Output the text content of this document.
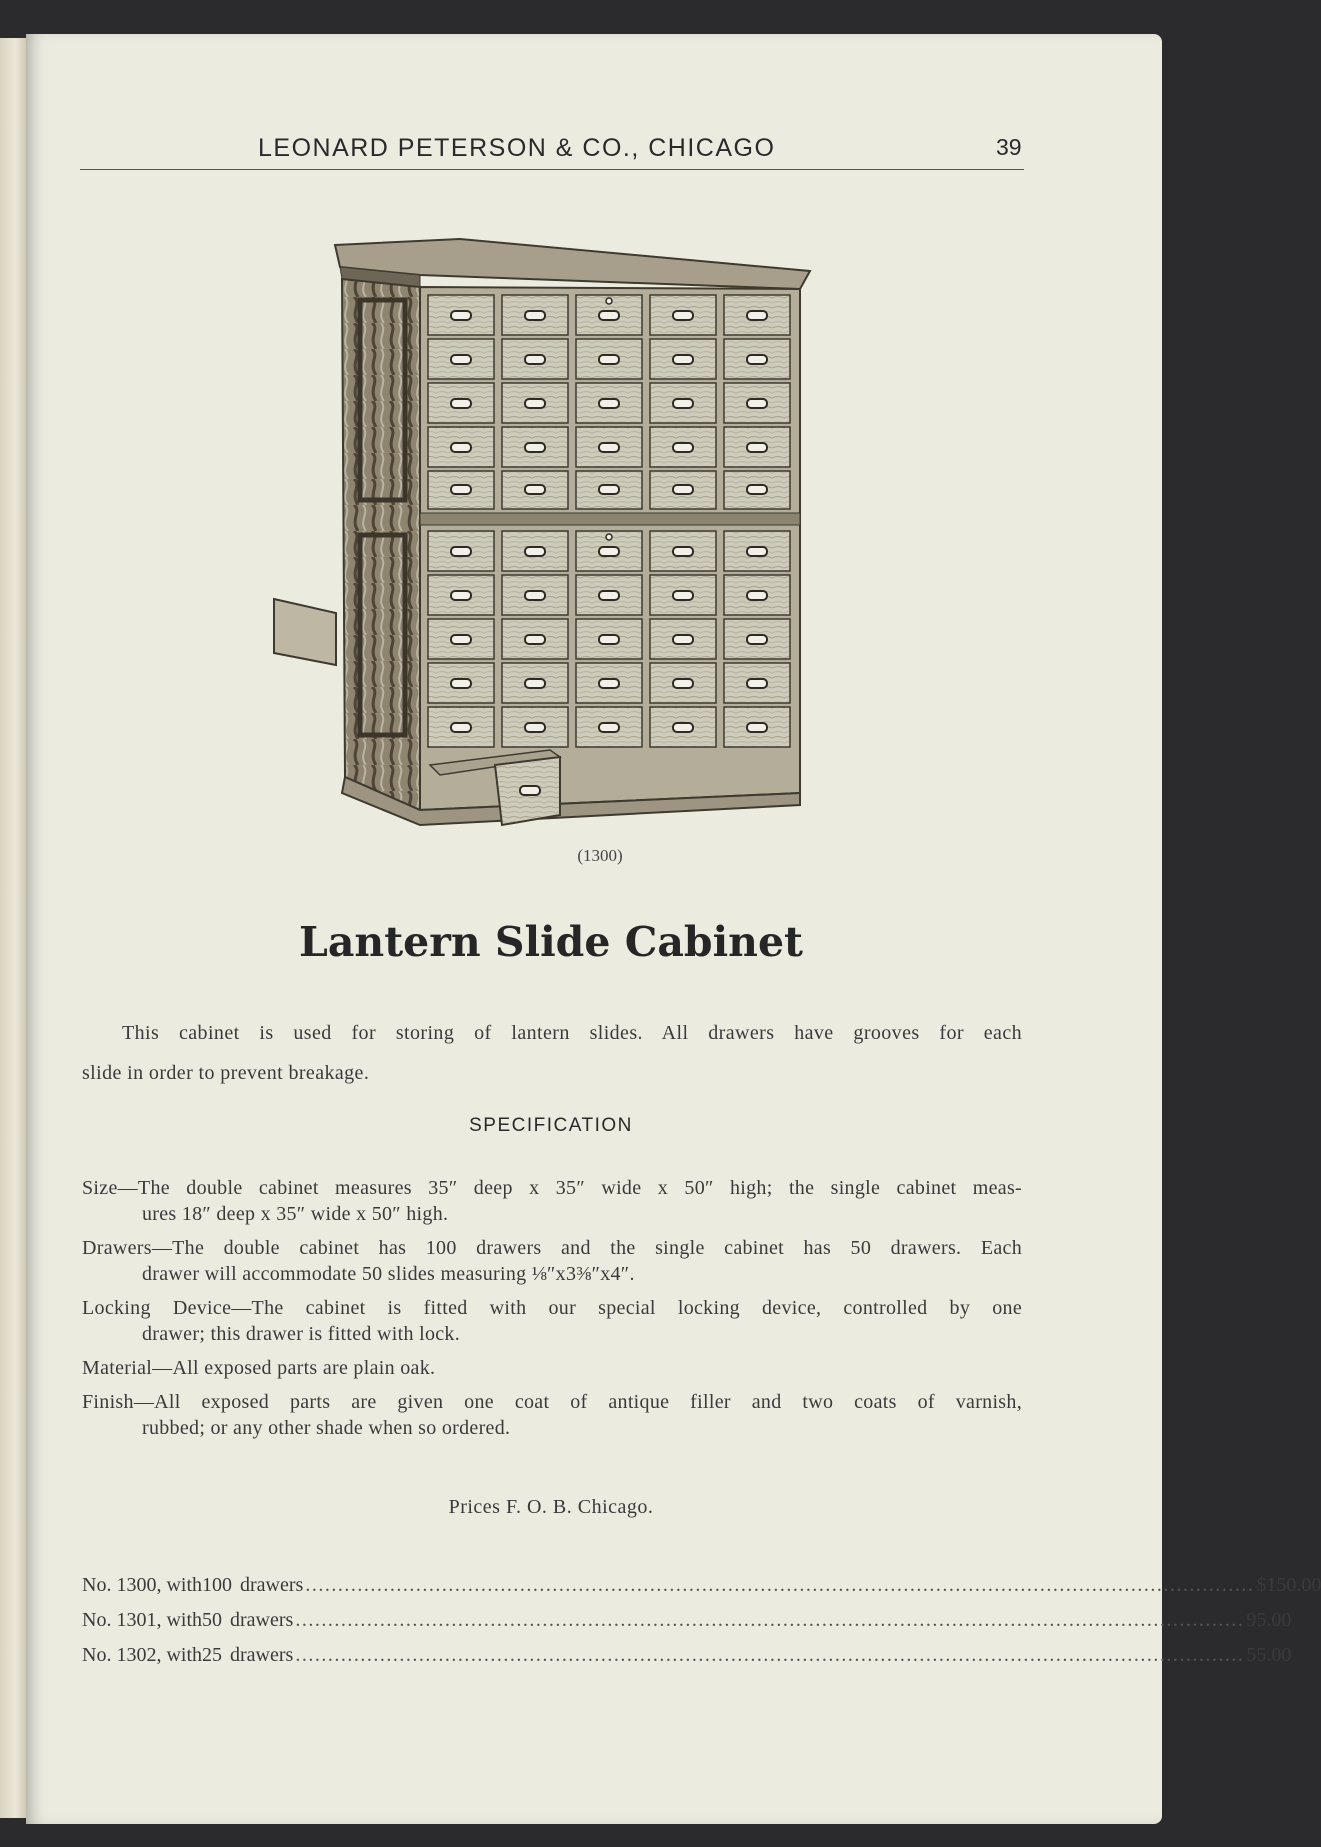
LEONARD PETERSON & CO., CHICAGO	39
(1300)
Lantern Slide Cabinet
This cabinet is used for storing of lantern slides. All drawers have grooves for each
slide in order to prevent breakage.
SPECIFICATION
Size—The double cabinet measures 35″ deep x 35″ wide x 50″ high; the single cabinet meas-
ures 18″ deep x 35″ wide x 50″ high.
Drawers—The double cabinet has 100 drawers and the single cabinet has 50 drawers. Each
drawer will accommodate 50 slides measuring ⅛″x3⅜″x4″.
Locking Device—The cabinet is fitted with our special locking device, controlled by one
drawer; this drawer is fitted with lock.
Material—All exposed parts are plain oak.
Finish—All exposed parts are given one coat of antique filler and two coats of varnish,
rubbed; or any other shade when so ordered.
Prices F. O. B. Chicago.
No. 1300, with 100 drawers .................................................................................................................................................. $150.00
No. 1301, with 50 drawers .................................................................................................................................................. 95.00
No. 1302, with 25 drawers .................................................................................................................................................. 55.00
